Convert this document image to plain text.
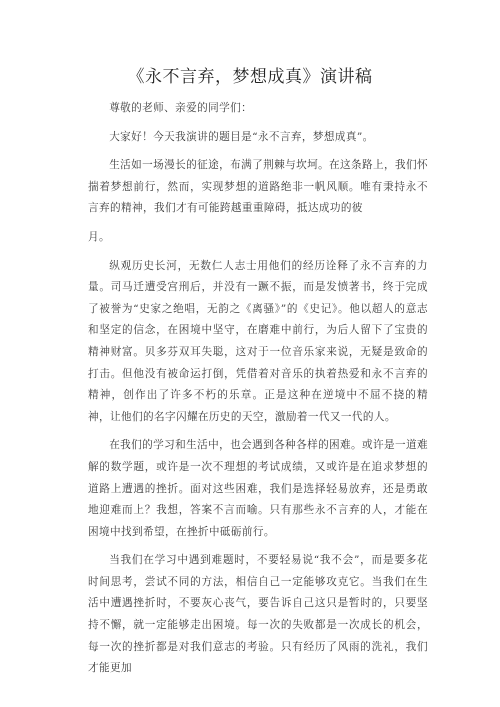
《永不言弃，梦想成真》演讲稿

尊敬的老师、亲爱的同学们：

大家好！今天我演讲的题目是“永不言弃，梦想成真”。

生活如一场漫长的征途，布满了荆棘与坎坷。在这条路上，我们怀揣着梦想前行，然而，实现梦想的道路绝非一帆风顺。唯有秉持永不言弃的精神，我们才有可能跨越重重障碍，抵达成功的彼

月。

纵观历史长河，无数仁人志士用他们的经历诠释了永不言弃的力量。司马迁遭受宫刑后，并没有一蹶不振，而是发愤著书，终于完成了被誉为“史家之绝唱，无韵之《离骚》”的《史记》。他以超人的意志和坚定的信念，在困境中坚守，在磨难中前行，为后人留下了宝贵的精神财富。贝多芬双耳失聪，这对于一位音乐家来说，无疑是致命的打击。但他没有被命运打倒，凭借着对音乐的执着热爱和永不言弃的精神，创作出了许多不朽的乐章。正是这种在逆境中不屈不挠的精神，让他们的名字闪耀在历史的天空，激励着一代又一代的人。

在我们的学习和生活中，也会遇到各种各样的困难。或许是一道难解的数学题，或许是一次不理想的考试成绩，又或许是在追求梦想的道路上遭遇的挫折。面对这些困难，我们是选择轻易放弃，还是勇敢地迎难而上？我想，答案不言而喻。只有那些永不言弃的人，才能在困境中找到希望，在挫折中砥砺前行。

当我们在学习中遇到难题时，不要轻易说“我不会”，而是要多花时间思考，尝试不同的方法，相信自己一定能够攻克它。当我们在生活中遭遇挫折时，不要灰心丧气，要告诉自己这只是暂时的，只要坚持不懈，就一定能够走出困境。每一次的失败都是一次成长的机会，每一次的挫折都是对我们意志的考验。只有经历了风雨的洗礼，我们才能更加
